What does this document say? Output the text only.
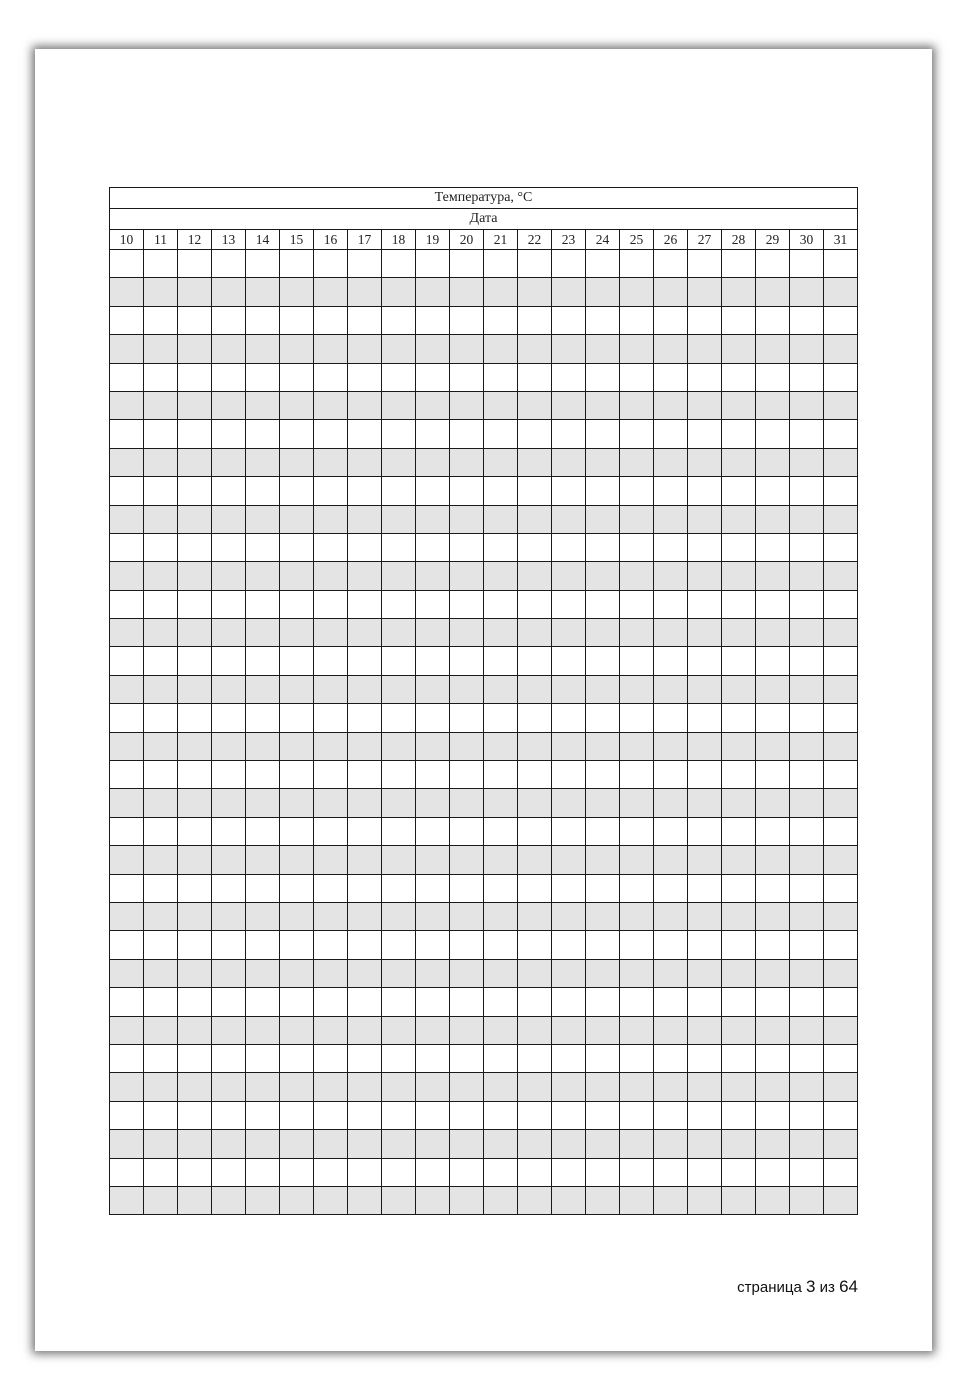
Температура, °C																					
Дата																					
10	11	12	13	14	15	16	17	18	19	20	21	22	23	24	25	26	27	28	29	30	31

страница 3 из 64
